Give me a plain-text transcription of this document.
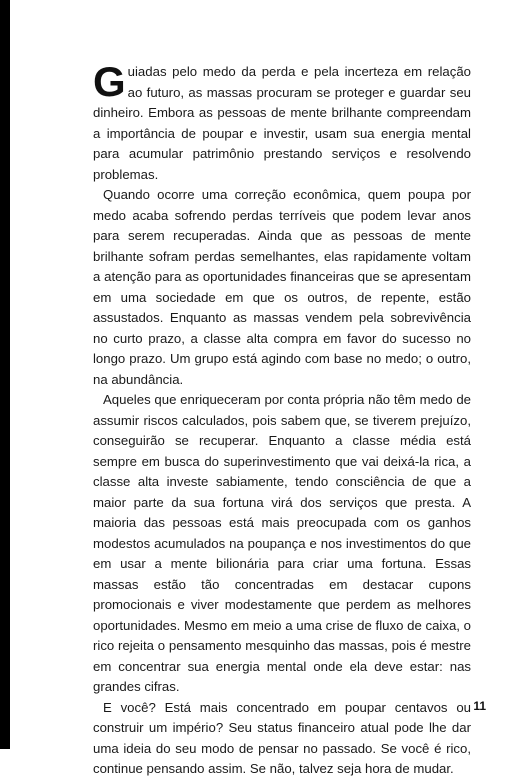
Guiadas pelo medo da perda e pela incerteza em relação ao futuro, as massas procuram se proteger e guardar seu dinheiro. Embora as pessoas de mente brilhante compreendam a importância de poupar e investir, usam sua energia mental para acumular patrimônio prestando serviços e resolvendo problemas.

Quando ocorre uma correção econômica, quem poupa por medo acaba sofrendo perdas terríveis que podem levar anos para serem recuperadas. Ainda que as pessoas de mente brilhante sofram perdas semelhantes, elas rapidamente voltam a atenção para as oportunidades financeiras que se apresentam em uma sociedade em que os outros, de repente, estão assustados. Enquanto as massas vendem pela sobrevivência no curto prazo, a classe alta compra em favor do sucesso no longo prazo. Um grupo está agindo com base no medo; o outro, na abundância.

Aqueles que enriqueceram por conta própria não têm medo de assumir riscos calculados, pois sabem que, se tiverem prejuízo, conseguirão se recuperar. Enquanto a classe média está sempre em busca do superinvestimento que vai deixá-la rica, a classe alta investe sabiamente, tendo consciência de que a maior parte da sua fortuna virá dos serviços que presta. A maioria das pessoas está mais preocupada com os ganhos modestos acumulados na poupança e nos investimentos do que em usar a mente bilionária para criar uma fortuna. Essas massas estão tão concentradas em destacar cupons promocionais e viver modestamente que perdem as melhores oportunidades. Mesmo em meio a uma crise de fluxo de caixa, o rico rejeita o pensamento mesquinho das massas, pois é mestre em concentrar sua energia mental onde ela deve estar: nas grandes cifras.

E você? Está mais concentrado em poupar centavos ou construir um império? Seu status financeiro atual pode lhe dar uma ideia do seu modo de pensar no passado. Se você é rico, continue pensando assim. Se não, talvez seja hora de mudar.

11
